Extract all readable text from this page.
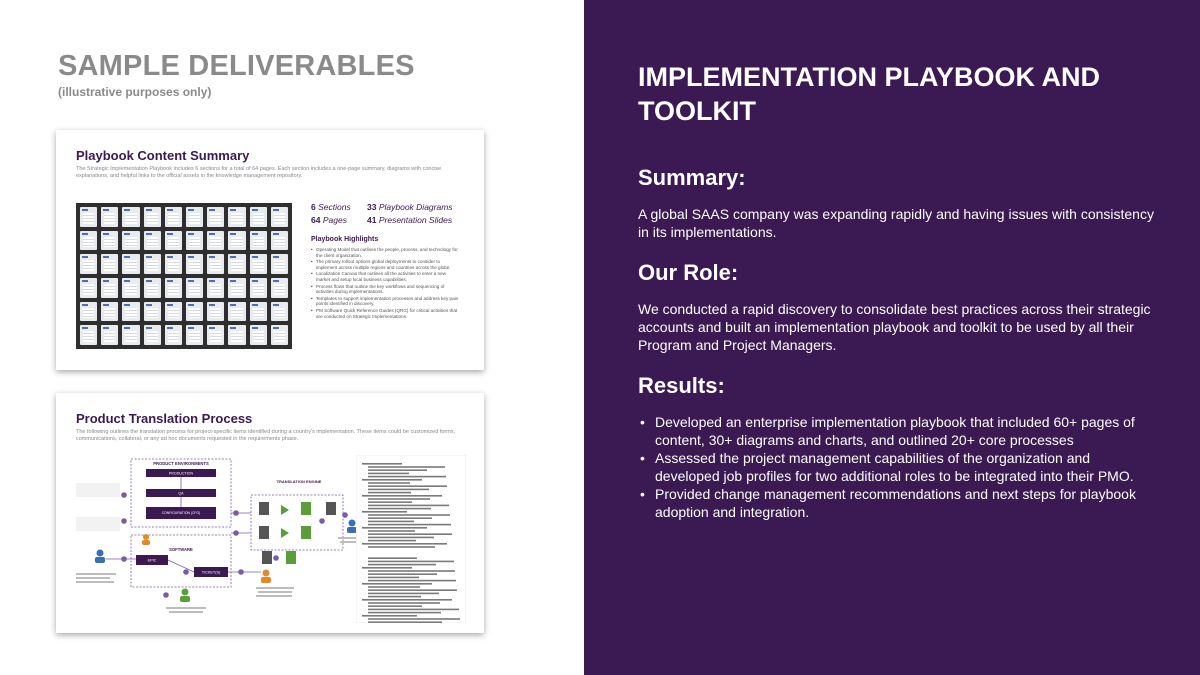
SAMPLE DELIVERABLES
(illustrative purposes only)
Playbook Content Summary
The Strategic Implementation Playbook includes 6 sections for a total of 64 pages. Each section includes a one-page summary, diagrams with concise explanations, and helpful links to the official assets in the knowledge management repository.
6 Sections 33 Playbook Diagrams
64 Pages 41 Presentation Slides
Playbook Highlights
• Operating Model that outlines the people, process, and technology for the client organization.
• The primary rollout options global deployments to consider to implement across multiple regions and countries across the globe.
• Localization Canvas that outlines all the activities to enter a new market and setup local business capabilities.
• Process flows that outline the key workflows and sequencing of activities during implementations.
• Templates to support implementation processes and address key pain points identified in discovery.
• PM Software Quick Reference Guides (QRG) for critical activities that are conducted on Strategic Implementations.
Product Translation Process
The following outlines the translation process for project-specific items identified during a country's implementation. These items could be customized forms, communications, collateral, or any ad hoc documents requested in the requirements phase.
PRODUCT ENVIRONMENTS
PRODUCTION
QA
CONFIGURATION (CFG)
SOFTWARE
EPIC
TICKET(S)
TRANSLATION ENGINE
IMPLEMENTATION PLAYBOOK AND TOOLKIT
Summary:
A global SAAS company was expanding rapidly and having issues with consistency in its implementations.
Our Role:
We conducted a rapid discovery to consolidate best practices across their strategic accounts and built an implementation playbook and toolkit to be used by all their Program and Project Managers.
Results:
• Developed an enterprise implementation playbook that included 60+ pages of content, 30+ diagrams and charts, and outlined 20+ core processes
• Assessed the project management capabilities of the organization and developed job profiles for two additional roles to be integrated into their PMO.
• Provided change management recommendations and next steps for playbook adoption and integration.
